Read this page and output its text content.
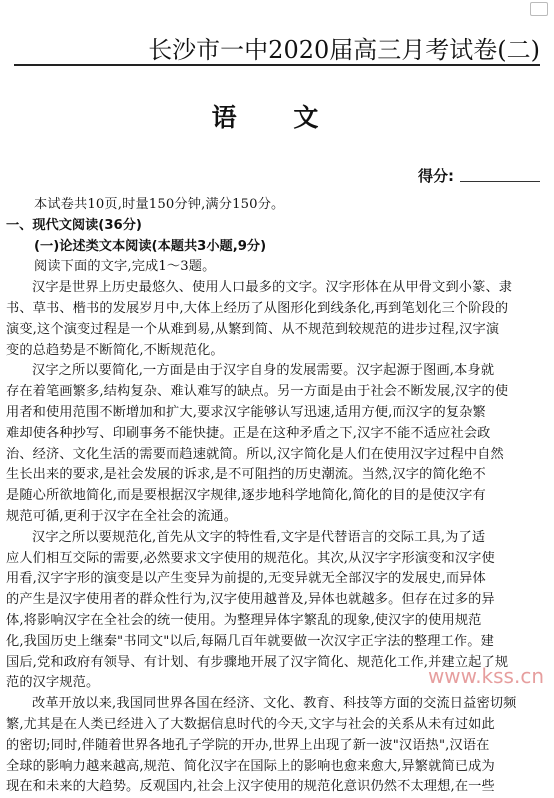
长沙市一中2020届高三月考试卷(二)
语 文
得分:
本试卷共10页,时量150分钟,满分150分。
一、现代文阅读(36分)
(一)论述类文本阅读(本题共3小题,9分)
阅读下面的文字,完成1～3题。
汉字是世界上历史最悠久、使用人口最多的文字。汉字形体在从甲骨文到小篆、隶
书、草书、楷书的发展岁月中,大体上经历了从图形化到线条化,再到笔划化三个阶段的
演变,这个演变过程是一个从难到易,从繁到简、从不规范到较规范的进步过程,汉字演
变的总趋势是不断简化,不断规范化。
汉字之所以要简化,一方面是由于汉字自身的发展需要。汉字起源于图画,本身就
存在着笔画繁多,结构复杂、难认难写的缺点。另一方面是由于社会不断发展,汉字的使
用者和使用范围不断增加和扩大,要求汉字能够认写迅速,适用方便,而汉字的复杂繁
难却使各种抄写、印刷事务不能快捷。正是在这种矛盾之下,汉字不能不适应社会政
治、经济、文化生活的需要而趋速就简。所以,汉字简化是人们在使用汉字过程中自然
生长出来的要求,是社会发展的诉求,是不可阻挡的历史潮流。当然,汉字的简化绝不
是随心所欲地简化,而是要根据汉字规律,逐步地科学地简化,简化的目的是使汉字有
规范可循,更利于汉字在全社会的流通。
汉字之所以要规范化,首先从文字的特性看,文字是代替语言的交际工具,为了适
应人们相互交际的需要,必然要求文字使用的规范化。其次,从汉字字形演变和汉字使
用看,汉字字形的演变是以产生变异为前提的,无变异就无全部汉字的发展史,而异体
的产生是汉字使用者的群众性行为,汉字使用越普及,异体也就越多。但存在过多的异
体,将影响汉字在全社会的统一使用。为整理异体字繁乱的现象,使汉字的使用规范
化,我国历史上继秦"书同文"以后,每隔几百年就要做一次汉字正字法的整理工作。建
国后,党和政府有领导、有计划、有步骤地开展了汉字简化、规范化工作,并建立起了规
范的汉字规范。
改革开放以来,我国同世界各国在经济、文化、教育、科技等方面的交流日益密切频
繁,尤其是在人类已经进入了大数据信息时代的今天,文字与社会的关系从未有过如此
的密切;同时,伴随着世界各地孔子学院的开办,世界上出现了新一波"汉语热",汉语在
全球的影响力越来越高,规范、简化汉字在国际上的影响也愈来愈大,异繁就简已成为
现在和未来的大趋势。反观国内,社会上汉字使用的规范化意识仍然不太理想,在一些
www.kss.cn
